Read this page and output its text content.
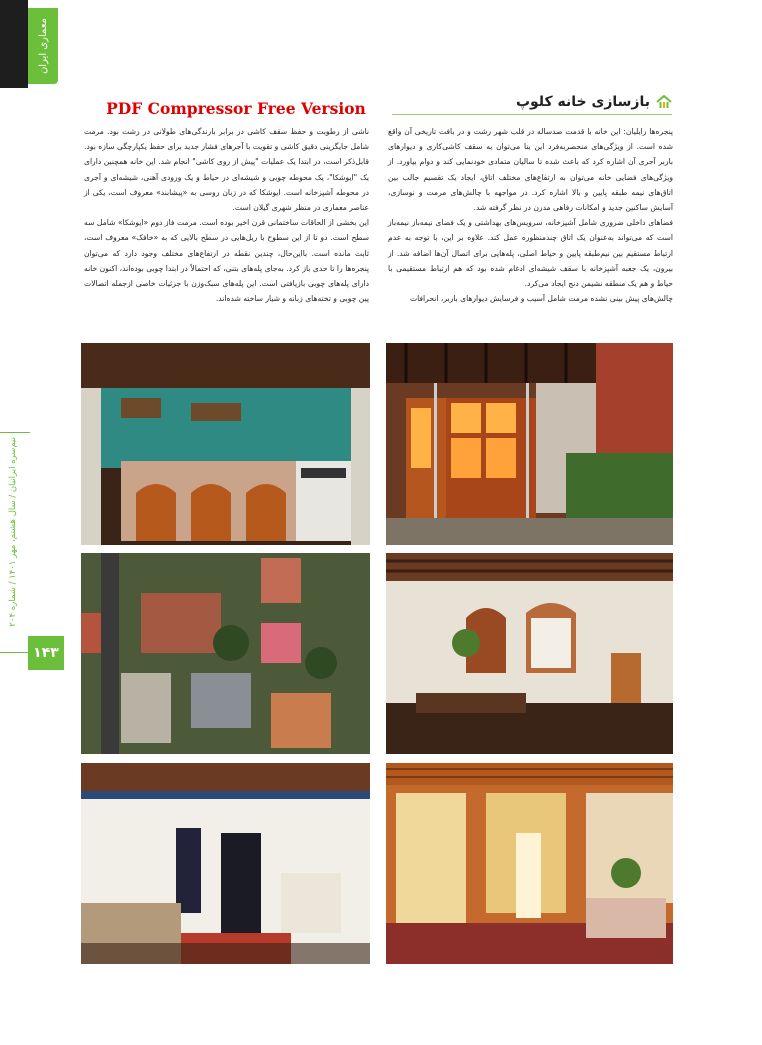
معماری ایران
نیم‌سره ایرانیان / سال هشتم، مهر ۱۴۰۱ / شماره ۲۰۴
۱۴۳
PDF Compressor Free Version	بازسازی خانه کلوپ

پنجره‌ها رایلیان: این خانه با قدمت صدساله در قلب شهر رشت و در بافت تاریخی آن واقع شده است. از ویژگی‌های منحصربه‌فرد این بنا می‌توان به سقف کاشی‌کاری و دیوارهای باربر آجری آن اشاره کرد که باعث شده تا سالیان متمادی خودنمایی کند و دوام بیاورد. از ویژگی‌های فضایی خانه می‌توان به ارتفاع‌های مختلف اتاق، ایجاد یک تقسیم جالب بین اتاق‌های نیمه طبقه پایین و بالا اشاره کرد. در مواجهه با چالش‌های مرمت و نوسازی، آسایش ساکنین جدید و امکانات رفاهی مدرن در نظر گرفته شد.

فضاهای داخلی ضروری شامل آشپزخانه، سرویس‌های بهداشتی و یک فضای نیمه‌باز نیمه‌باز است که می‌تواند به‌عنوان یک اتاق چندمنظوره عمل کند. علاوه بر این، با توجه به عدم ارتباط مستقیم بین نیم‌طبقه پایین و حیاط اصلی، پله‌هایی برای اتصال آن‌ها اضافه شد. از بیرون، یک جعبه آشپزخانه با سقف شیشه‌ای ادغام شده بود که هم ارتباط مستقیمی با حیاط و هم یک منطقه نشیمن دنج ایجاد می‌کرد.

چالش‌های پیش بینی نشده مرمت شامل آسیب و فرسایش دیوارهای باربر، انحرافات

ناشی از رطوبت و حفظ سقف کاشی در برابر بارندگی‌های طولانی در رشت بود. مرمت شامل جایگزینی دقیق کاشی و تقویت با آجرهای فشار جدید برای حفظ یکپارچگی سازه بود. قابل‌ذکر است، در ابتدا یک عملیات "پیش از روی کاشی" انجام شد. این خانه همچنین دارای یک "ایوشکا"، یک محوطه چوبی و شیشه‌ای در حیاط و یک ورودی آهنی، شیشه‌ای و آجری در محوطه آشپزخانه است. ایوشکا که در زبان روسی به «پیشابند» معروف است، یکی از عناصر معماری در منظر شهری گیلان است.

این بخشی از الحاقات ساختمانی قرن اخیر بوده است. مرمت فاز دوم «ایوشکا» شامل سه سطح است. دو تا از این سطوح با ریل‌هایی در سطح بالایی که به «خافک» معروف است، ثابت مانده است. بااین‌حال، چندین نقطه در ارتفاع‌های مختلف وجود دارد که می‌توان پنجره‌ها را تا حدی باز کرد. به‌جای پله‌های بتنی، که احتمالاً در ابتدا چوبی بوده‌اند، اکنون خانه دارای پله‌های چوبی بازیافتی است. این پله‌های سبک‌وزن با جزئیات خاصی ازجمله اتصالات پین چوبی و تخته‌های زبانه و شیار ساخته شده‌اند.
